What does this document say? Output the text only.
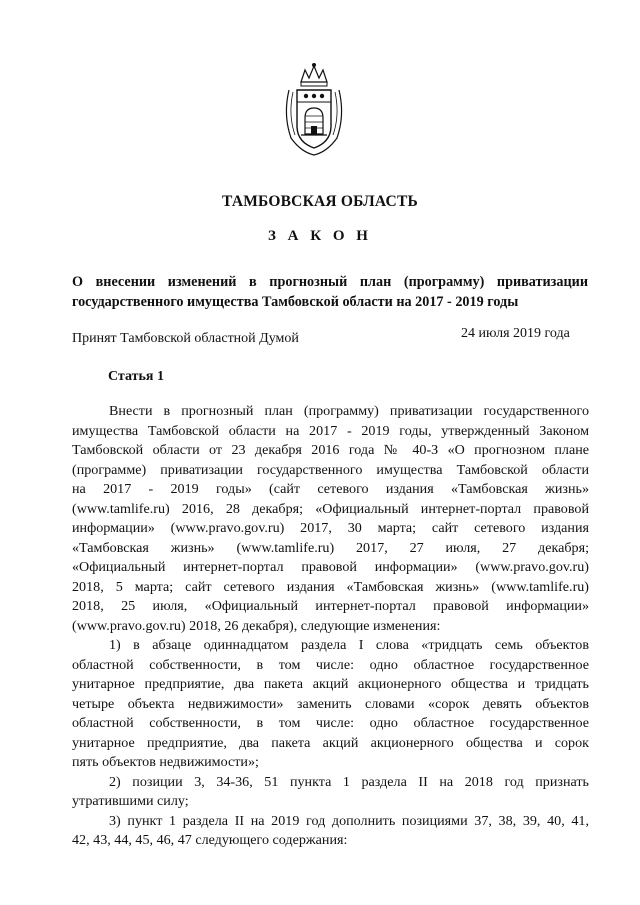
ТАМБОВСКАЯ ОБЛАСТЬ
З А К О Н
О внесении изменений в прогнозный план (программу) приватизации
государственного имущества Тамбовской области на 2017 - 2019 годы
Принят Тамбовской областной Думой	24 июля 2019 года
Статья 1
Внести в прогнозный план (программу) приватизации государственного
имущества Тамбовской области на 2017 - 2019 годы, утвержденный Законом
Тамбовской области от 23 декабря 2016 года № 40-З «О прогнозном плане
(программе) приватизации государственного имущества Тамбовской области
на 2017 - 2019 годы» (сайт сетевого издания «Тамбовская жизнь»
(www.tamlife.ru) 2016, 28 декабря; «Официальный интернет-портал правовой
информации» (www.pravo.gov.ru) 2017, 30 марта; сайт сетевого издания
«Тамбовская жизнь» (www.tamlife.ru) 2017, 27 июля, 27 декабря;
«Официальный интернет-портал правовой информации» (www.pravo.gov.ru)
2018, 5 марта; сайт сетевого издания «Тамбовская жизнь» (www.tamlife.ru)
2018, 25 июля, «Официальный интернет-портал правовой информации»
(www.pravo.gov.ru) 2018, 26 декабря), следующие изменения:
1) в абзаце одиннадцатом раздела I слова «тридцать семь объектов
областной собственности, в том числе: одно областное государственное
унитарное предприятие, два пакета акций акционерного общества и тридцать
четыре объекта недвижимости» заменить словами «сорок девять объектов
областной собственности, в том числе: одно областное государственное
унитарное предприятие, два пакета акций акционерного общества и сорок
пять объектов недвижимости»;
2) позиции 3, 34-36, 51 пункта 1 раздела II на 2018 год признать
утратившими силу;
3) пункт 1 раздела II на 2019 год дополнить позициями 37, 38, 39, 40, 41,
42, 43, 44, 45, 46, 47 следующего содержания:
